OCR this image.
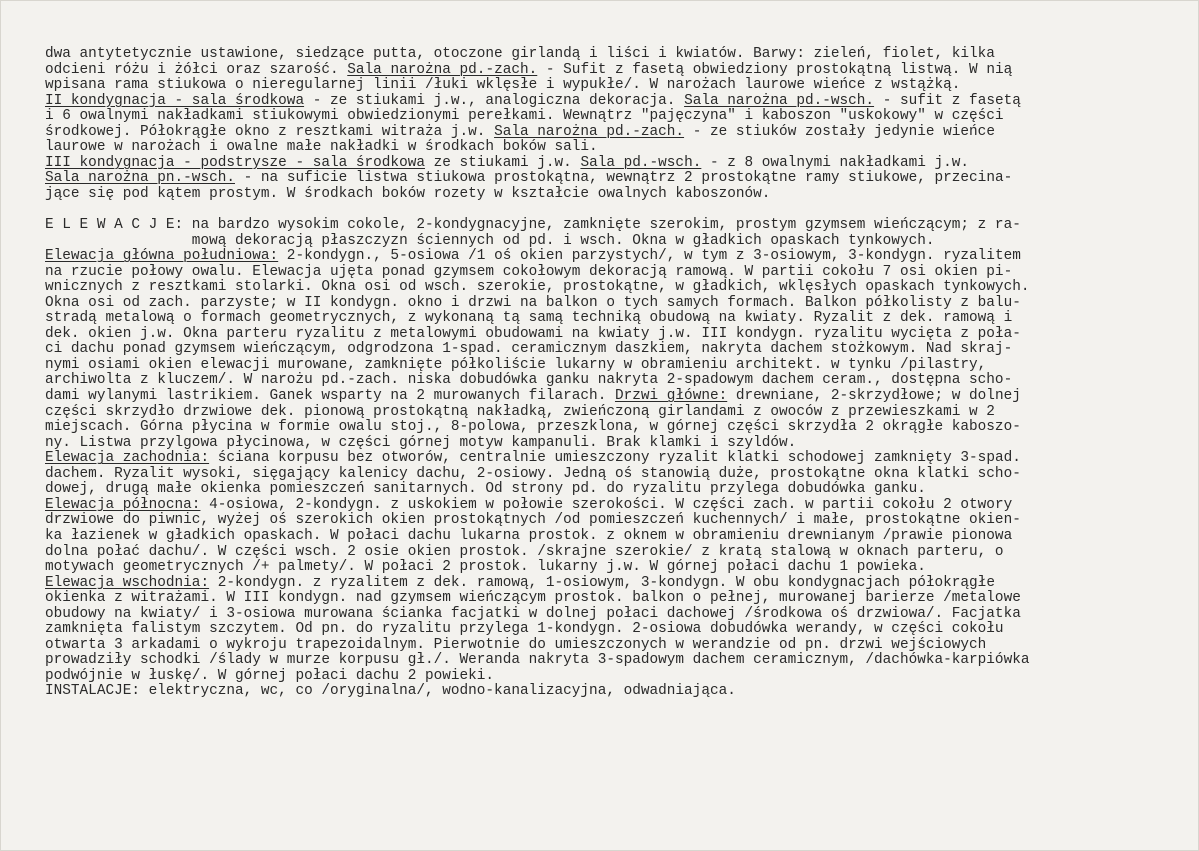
dwa antytetycznie ustawione, siedzące putta, otoczone girlandą i liści i kwiatów. Barwy: zieleń, fiolet, kilka
odcieni różu i żółci oraz szarość. Sala narożna pd.-zach. - Sufit z fasetą obwiedziony prostokątną listwą. W nią
wpisana rama stiukowa o nieregularnej linii /łuki wklęsłe i wypukłe/. W narożach laurowe wieńce z wstążką.
II kondygnacja - sala środkowa - ze stiukami j.w., analogiczna dekoracja. Sala narożna pd.-wsch. - sufit z fasetą
i 6 owalnymi nakładkami stiukowymi obwiedzionymi perełkami. Wewnątrz "pajęczyna" i kaboszon "uskokowy" w części
środkowej. Półokrągłe okno z resztkami witraża j.w. Sala narożna pd.-zach. - ze stiuków zostały jedynie wieńce
laurowe w narożach i owalne małe nakładki w środkach boków sali.
III kondygnacja - podstrysze - sala środkowa ze stiukami j.w. Sala pd.-wsch. - z 8 owalnymi nakładkami j.w.
Sala narożna pn.-wsch. - na suficie listwa stiukowa prostokątna, wewnątrz 2 prostokątne ramy stiukowe, przecina-
jące się pod kątem prostym. W środkach boków rozety w kształcie owalnych kaboszonów.
E L E W A C J E: na bardzo wysokim cokole, 2-kondygnacyjne, zamknięte szerokim, prostym gzymsem wieńczącym; z ra-
mową dekoracją płaszczyzn ściennych od pd. i wsch. Okna w gładkich opaskach tynkowych.
Elewacja główna południowa: 2-kondygn., 5-osiowa /1 oś okien parzystych/, w tym z 3-osiowym, 3-kondygn. ryzalitem
na rzucie połowy owalu. Elewacja ujęta ponad gzymsem cokołowym dekoracją ramową. W partii cokołu 7 osi okien pi-
wnicznych z resztkami stolarki. Okna osi od wsch. szerokie, prostokątne, w gładkich, wklęsłych opaskach tynkowych.
Okna osi od zach. parzyste; w II kondygn. okno i drzwi na balkon o tych samych formach. Balkon półkolisty z balu-
stradą metalową o formach geometrycznych, z wykonaną tą samą techniką obudową na kwiaty. Ryzalit z dek. ramową i
dek. okien j.w. Okna parteru ryzalitu z metalowymi obudowami na kwiaty j.w. III kondygn. ryzalitu wycięta z poła-
ci dachu ponad gzymsem wieńczącym, odgrodzona 1-spad. ceramicznym daszkiem, nakryta dachem stożkowym. Nad skraj-
nymi osiami okien elewacji murowane, zamknięte półkoliście lukarny w obramieniu architekt. w tynku /pilastry,
archiwolta z kluczem/. W narożu pd.-zach. niska dobudówka ganku nakryta 2-spadowym dachem ceram., dostępna scho-
dami wylanymi lastrikiem. Ganek wsparty na 2 murowanych filarach. Drzwi główne: drewniane, 2-skrzydłowe; w dolnej
części skrzydło drzwiowe dek. pionową prostokątną nakładką, zwieńczoną girlandami z owoców z przewieszkami w 2
miejscach. Górna płycina w formie owalu stoj., 8-polowa, przeszklona, w górnej części skrzydła 2 okrągłe kaboszo-
ny. Listwa przylgowa płycinowa, w części górnej motyw kampanuli. Brak klamki i szyldów.
Elewacja zachodnia: ściana korpusu bez otworów, centralnie umieszczony ryzalit klatki schodowej zamknięty 3-spad.
dachem. Ryzalit wysoki, sięgający kalenicy dachu, 2-osiowy. Jedną oś stanowią duże, prostokątne okna klatki scho-
dowej, drugą małe okienka pomieszczeń sanitarnych. Od strony pd. do ryzalitu przylega dobudówka ganku.
Elewacja północna: 4-osiowa, 2-kondygn. z uskokiem w połowie szerokości. W części zach. w partii cokołu 2 otwory
drzwiowe do piwnic, wyżej oś szerokich okien prostokątnych /od pomieszczeń kuchennych/ i małe, prostokątne okien-
ka łazienek w gładkich opaskach. W połaci dachu lukarna prostok. z oknem w obramieniu drewnianym /prawie pionowa
dolna połać dachu/. W części wsch. 2 osie okien prostok. /skrajne szerokie/ z kratą stalową w oknach parteru, o
motywach geometrycznych /+ palmety/. W połaci 2 prostok. lukarny j.w. W górnej połaci dachu 1 powieka.
Elewacja wschodnia: 2-kondygn. z ryzalitem z dek. ramową, 1-osiowym, 3-kondygn. W obu kondygnacjach półokrągłe
okienka z witrażami. W III kondygn. nad gzymsem wieńczącym prostok. balkon o pełnej, murowanej barierze /metalowe
obudowy na kwiaty/ i 3-osiowa murowana ścianka facjatki w dolnej połaci dachowej /środkowa oś drzwiowa/. Facjatka
zamknięta falistym szczytem. Od pn. do ryzalitu przylega 1-kondygn. 2-osiowa dobudówka werandy, w części cokołu
otwarta 3 arkadami o wykroju trapezoidalnym. Pierwotnie do umieszczonych w werandzie od pn. drzwi wejściowych
prowadziły schodki /ślady w murze korpusu gł./. Weranda nakryta 3-spadowym dachem ceramicznym, /dachówka-karpiówka
podwójnie w łuskę/. W górnej połaci dachu 2 powieki.
INSTALACJE: elektryczna, wc, co /oryginalna/, wodno-kanalizacyjna, odwadniająca.
